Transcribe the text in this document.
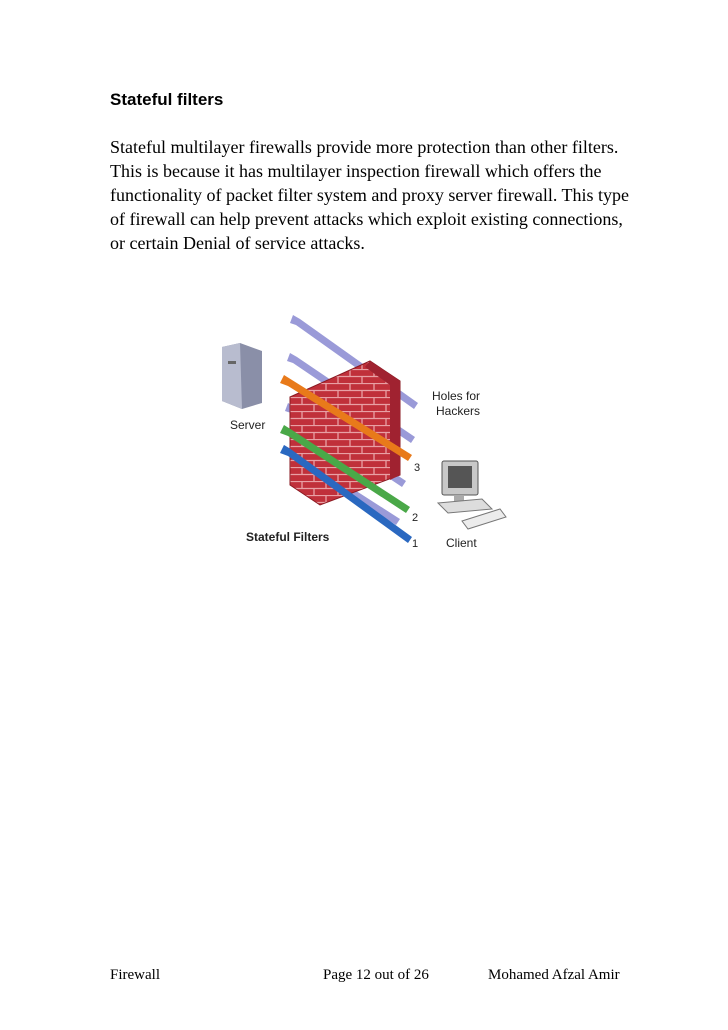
Stateful filters

Stateful multilayer firewalls provide more protection than other filters. This is because it has multilayer inspection firewall which offers the functionality of packet filter system and proxy server firewall. This type of firewall can help prevent attacks which exploit existing connections, or certain Denial of service attacks.

Server
Holes for
Hackers
3
2
1 Client
Stateful Filters
Firewall	Page 12 out of 26	Mohamed Afzal Amir
